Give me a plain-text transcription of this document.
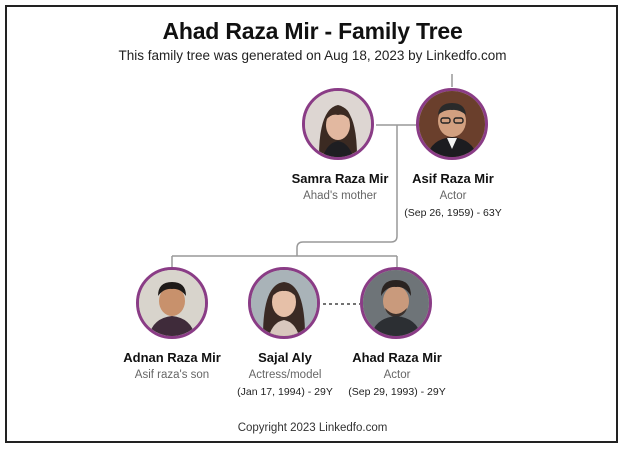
Ahad Raza Mir - Family Tree
This family tree was generated on Aug 18, 2023 by Linkedfo.com
Samra Raza Mir
Ahad's mother
Asif Raza Mir
Actor
(Sep 26, 1959) - 63Y
Adnan Raza Mir
Asif raza's son
Sajal Aly
Actress/model
(Jan 17, 1994) - 29Y
Ahad Raza Mir
Actor
(Sep 29, 1993) - 29Y
Copyright 2023 Linkedfo.com
